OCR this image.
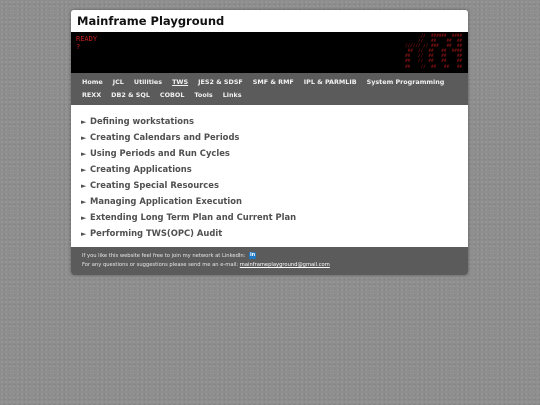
Mainframe Playground
READY
?
//  ######  ####
//   ##    ##  ##
////// // ###   ##  ##
##  //  ##   ##  ####
##   //  ##   ##    ##
##   //  ##   ##    ##
##    //  ##   ##   ##
Home	JCL	Utilities	TWS	JES2 & SDSF	SMF & RMF	IPL & PARMLIB	System Programming
REXX	DB2 & SQL	COBOL	Tools	Links
► Defining workstations
► Creating Calendars and Periods
► Using Periods and Run Cycles
► Creating Applications
► Creating Special Resources
► Managing Application Execution
► Extending Long Term Plan and Current Plan
► Performing TWS(OPC) Audit
If you like this website feel free to join my network at LinkedIn: in
For any questions or suggestions please send me an e-mail: mainframeplayground@gmail.com
